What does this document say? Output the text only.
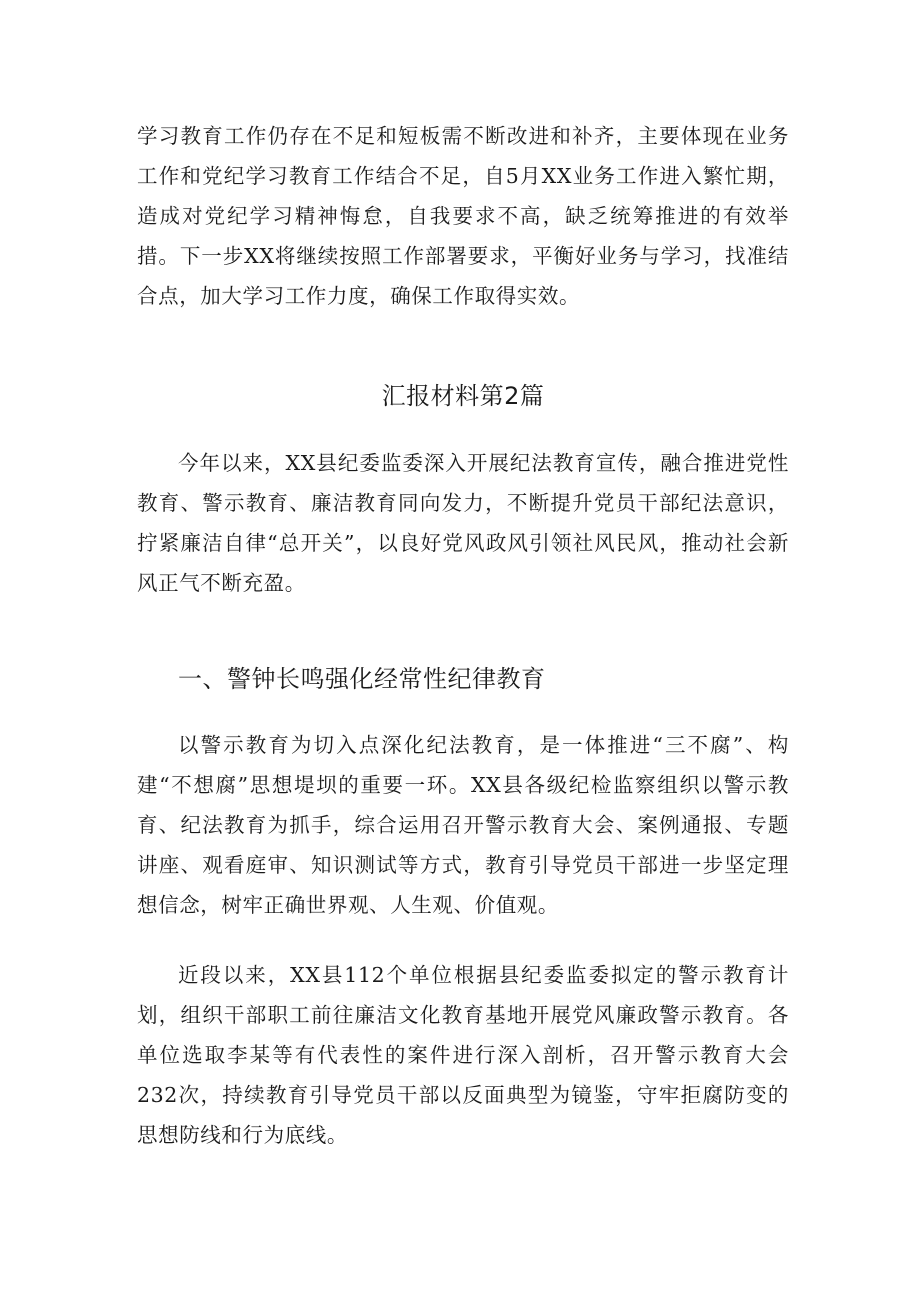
学习教育工作仍存在不足和短板需不断改进和补齐，主要体现在业务工作和党纪学习教育工作结合不足，自5月XX业务工作进入繁忙期，造成对党纪学习精神悔怠，自我要求不高，缺乏统筹推进的有效举措。下一步XX将继续按照工作部署要求，平衡好业务与学习，找准结合点，加大学习工作力度，确保工作取得实效。

汇报材料第2篇

今年以来，XX县纪委监委深入开展纪法教育宣传，融合推进党性教育、警示教育、廉洁教育同向发力，不断提升党员干部纪法意识，拧紧廉洁自律“总开关”，以良好党风政风引领社风民风，推动社会新风正气不断充盈。

一、警钟长鸣强化经常性纪律教育

以警示教育为切入点深化纪法教育，是一体推进“三不腐”、构建“不想腐”思想堤坝的重要一环。XX县各级纪检监察组织以警示教育、纪法教育为抓手，综合运用召开警示教育大会、案例通报、专题讲座、观看庭审、知识测试等方式，教育引导党员干部进一步坚定理想信念，树牢正确世界观、人生观、价值观。

近段以来，XX县112个单位根据县纪委监委拟定的警示教育计划，组织干部职工前往廉洁文化教育基地开展党风廉政警示教育。各单位选取李某等有代表性的案件进行深入剖析，召开警示教育大会232次，持续教育引导党员干部以反面典型为镜鉴，守牢拒腐防变的思想防线和行为底线。
